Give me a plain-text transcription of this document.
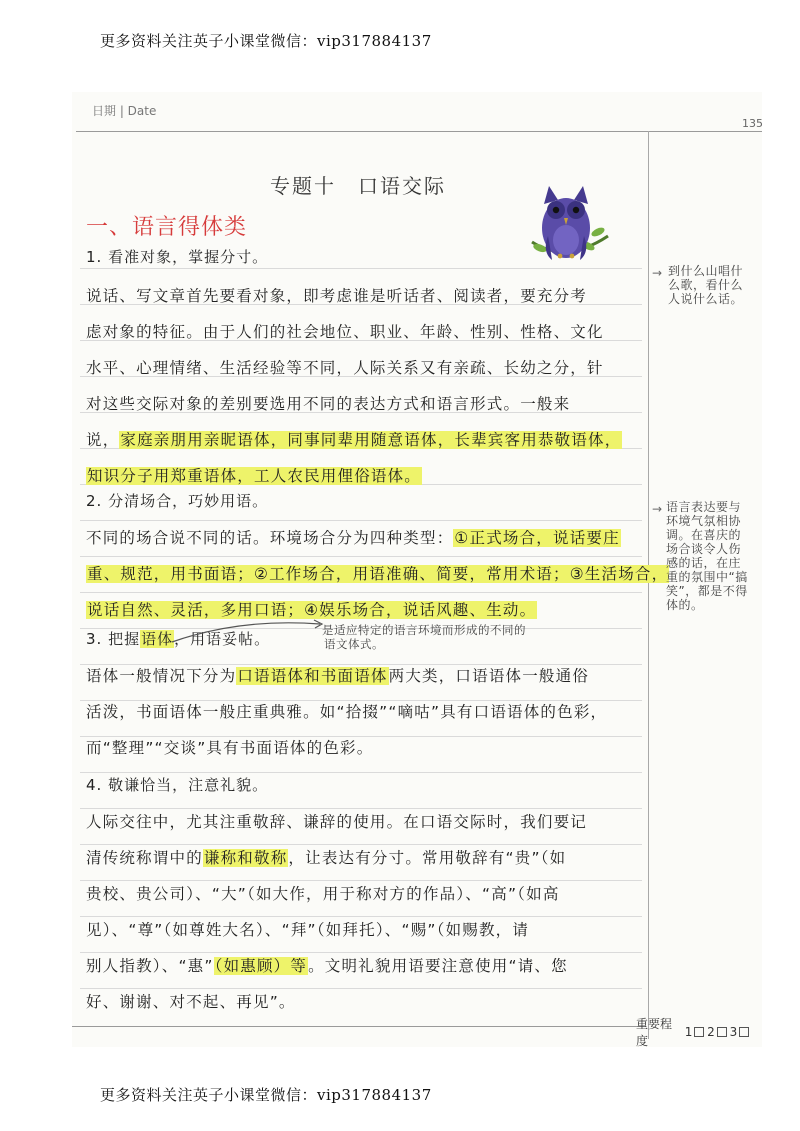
更多资料关注英子小课堂微信：vip317884137
日期 | Date
135
专题十 口语交际
一、语言得体类
1. 看准对象，掌握分寸。
说话、写文章首先要看对象，即考虑谁是听话者、阅读者，要充分考
虑对象的特征。由于人们的社会地位、职业、年龄、性别、性格、文化
水平、心理情绪、生活经验等不同，人际关系又有亲疏、长幼之分，针
对这些交际对象的差别要选用不同的表达方式和语言形式。一般来
说，家庭亲朋用亲昵语体，同事同辈用随意语体，长辈宾客用恭敬语体，
知识分子用郑重语体，工人农民用俚俗语体。
2. 分清场合，巧妙用语。
不同的场合说不同的话。环境场合分为四种类型：①正式场合，说话要庄
重、规范，用书面语；②工作场合，用语准确、简要，常用术语；③生活场合，
说话自然、灵活，多用口语；④娱乐场合，说话风趣、生动。
3. 把握语体，用语妥帖。	是适应特定的语言环境而形成的不同的
语文体式。
语体一般情况下分为口语语体和书面语体两大类，口语语体一般通俗
活泼，书面语体一般庄重典雅。如“拾掇”“嘀咕”具有口语语体的色彩，
而“整理”“交谈”具有书面语体的色彩。
4. 敬谦恰当，注意礼貌。
人际交往中，尤其注重敬辞、谦辞的使用。在口语交际时，我们要记
清传统称谓中的谦称和敬称，让表达有分寸。常用敬辞有“贵”（如
贵校、贵公司）、“大”（如大作，用于称对方的作品）、“高”（如高
见）、“尊”（如尊姓大名）、“拜”（如拜托）、“赐”（如赐教，请
别人指教）、“惠”（如惠顾）等。文明礼貌用语要注意使用“请、您
好、谢谢、对不起、再见”。
→ 到什么山唱什
么歌，看什么
人说什么话。
→ 语言表达要与
环境气氛相协
调。在喜庆的
场合谈令人伤
感的话，在庄
重的氛围中“搞
笑”，都是不得
体的。
重要程度
1 2 3
更多资料关注英子小课堂微信：vip317884137
